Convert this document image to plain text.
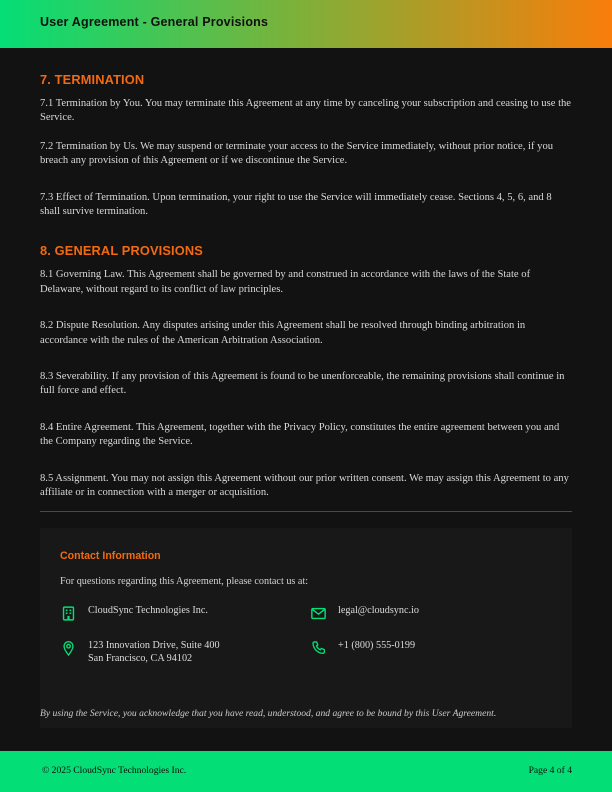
User Agreement - General Provisions
7. TERMINATION

7.1 Termination by You. You may terminate this Agreement at any time by canceling your subscription and ceasing to use the Service.

7.2 Termination by Us. We may suspend or terminate your access to the Service immediately, without prior notice, if you breach any provision of this Agreement or if we discontinue the Service.

7.3 Effect of Termination. Upon termination, your right to use the Service will immediately cease. Sections 4, 5, 6, and 8 shall survive termination.

8. GENERAL PROVISIONS

8.1 Governing Law. This Agreement shall be governed by and construed in accordance with the laws of the State of Delaware, without regard to its conflict of law principles.

8.2 Dispute Resolution. Any disputes arising under this Agreement shall be resolved through binding arbitration in accordance with the rules of the American Arbitration Association.

8.3 Severability. If any provision of this Agreement is found to be unenforceable, the remaining provisions shall continue in full force and effect.

8.4 Entire Agreement. This Agreement, together with the Privacy Policy, constitutes the entire agreement between you and the Company regarding the Service.

8.5 Assignment. You may not assign this Agreement without our prior written consent. We may assign this Agreement to any affiliate or in connection with a merger or acquisition.

Contact Information
For questions regarding this Agreement, please contact us at:
CloudSync Technologies Inc.
123 Innovation Drive, Suite 400
San Francisco, CA 94102
legal@cloudsync.io
+1 (800) 555-0199
By using the Service, you acknowledge that you have read, understood, and agree to be bound by this User Agreement.
© 2025 CloudSync Technologies Inc.	Page 4 of 4
